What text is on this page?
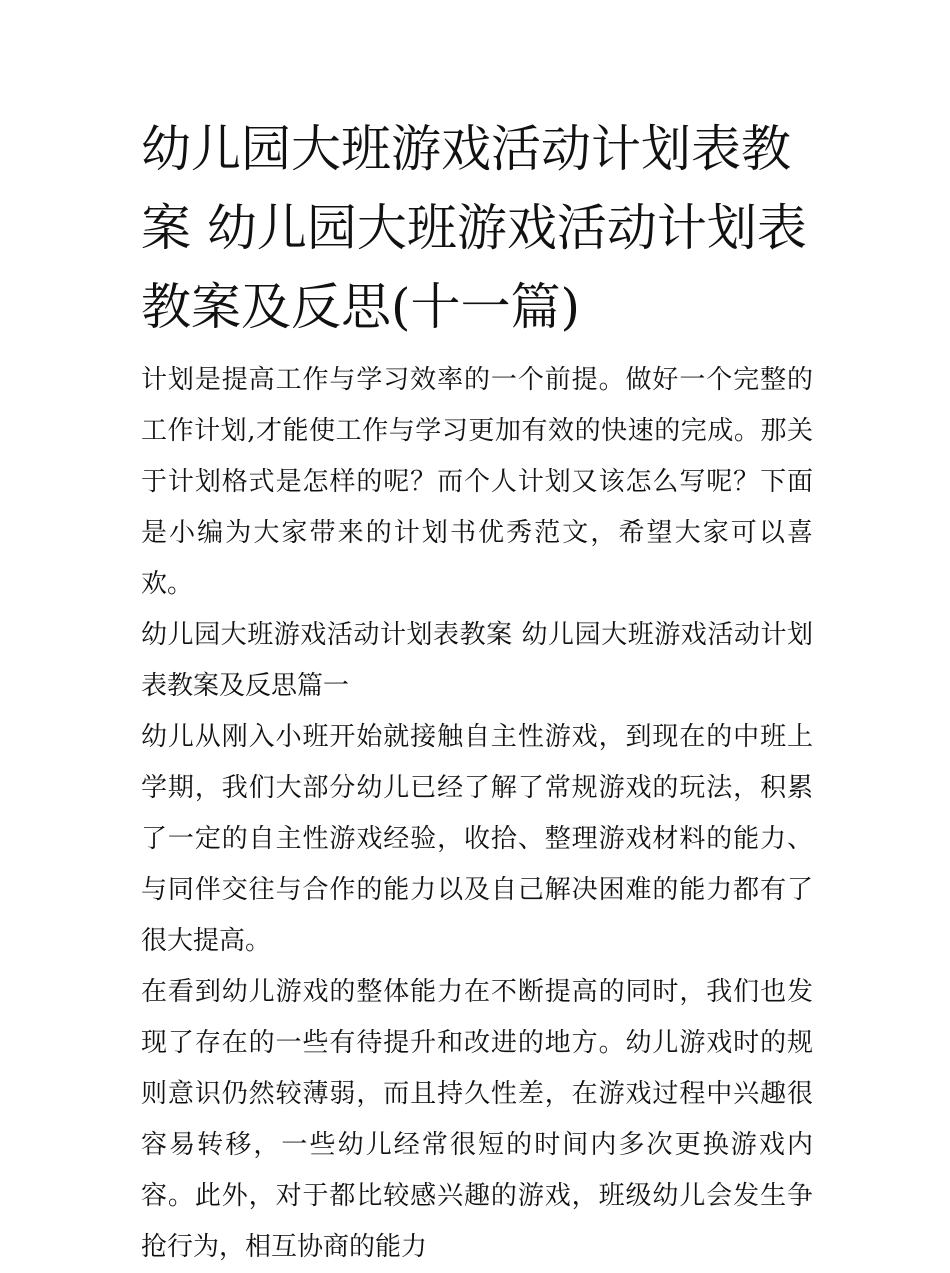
幼儿园大班游戏活动计划表教案 幼儿园大班游戏活动计划表教案及反思(十一篇)

计划是提高工作与学习效率的一个前提。做好一个完整的工作计划,才能使工作与学习更加有效的快速的完成。那关于计划格式是怎样的呢？而个人计划又该怎么写呢？下面是小编为大家带来的计划书优秀范文，希望大家可以喜欢。

幼儿园大班游戏活动计划表教案 幼儿园大班游戏活动计划表教案及反思篇一

幼儿从刚入小班开始就接触自主性游戏，到现在的中班上学期，我们大部分幼儿已经了解了常规游戏的玩法，积累了一定的自主性游戏经验，收拾、整理游戏材料的能力、与同伴交往与合作的能力以及自己解决困难的能力都有了很大提高。

在看到幼儿游戏的整体能力在不断提高的同时，我们也发现了存在的一些有待提升和改进的地方。幼儿游戏时的规则意识仍然较薄弱，而且持久性差，在游戏过程中兴趣很容易转移，一些幼儿经常很短的时间内多次更换游戏内容。此外，对于都比较感兴趣的游戏，班级幼儿会发生争抢行为，相互协商的能力
